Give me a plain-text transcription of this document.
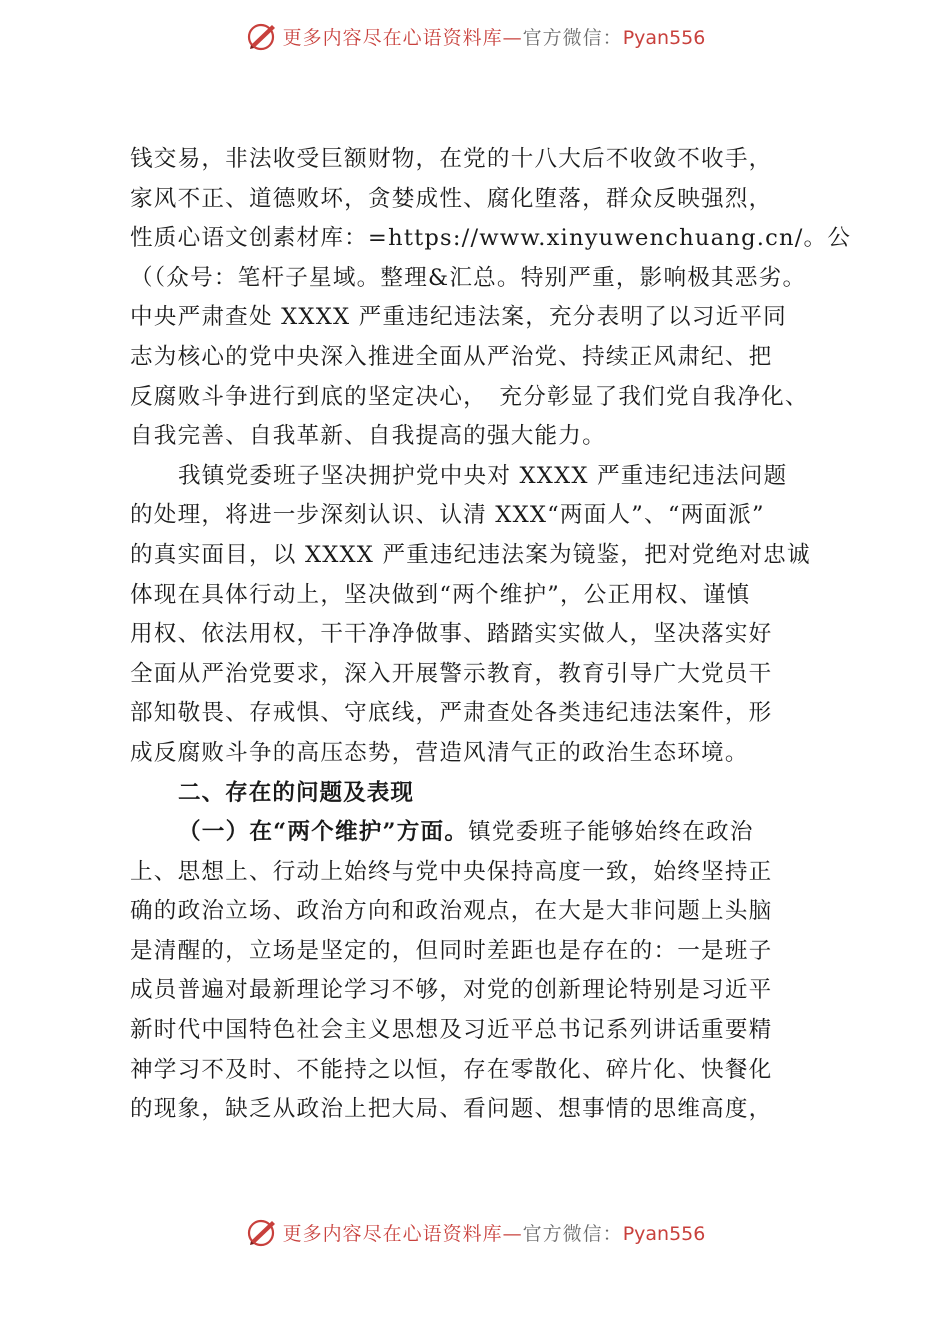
更多内容尽在心语资料库—官方微信：Pyan556
钱交易，非法收受巨额财物，在党的十八大后不收敛不收手，
家风不正、道德败坏，贪婪成性、腐化堕落，群众反映强烈，
性质心语文创素材库：=https://www.xinyuwenchuang.cn/。公
（（众号：笔杆子星域。整理&汇总。特别严重，影响极其恶劣。
中央严肃查处 XXXX 严重违纪违法案，充分表明了以习近平同
志为核心的党中央深入推进全面从严治党、持续正风肃纪、把
反腐败斗争进行到底的坚定决心，　充分彰显了我们党自我净化、
自我完善、自我革新、自我提高的强大能力。
我镇党委班子坚决拥护党中央对 XXXX 严重违纪违法问题
的处理，将进一步深刻认识、认清 XXX“两面人”、“两面派”
的真实面目，以 XXXX 严重违纪违法案为镜鉴，把对党绝对忠诚
体现在具体行动上，坚决做到“两个维护”，公正用权、谨慎
用权、依法用权，干干净净做事、踏踏实实做人，坚决落实好
全面从严治党要求，深入开展警示教育，教育引导广大党员干
部知敬畏、存戒惧、守底线，严肃查处各类违纪违法案件，形
成反腐败斗争的高压态势，营造风清气正的政治生态环境。
二、存在的问题及表现
（一）在“两个维护”方面。镇党委班子能够始终在政治
上、思想上、行动上始终与党中央保持高度一致，始终坚持正
确的政治立场、政治方向和政治观点，在大是大非问题上头脑
是清醒的，立场是坚定的，但同时差距也是存在的：一是班子
成员普遍对最新理论学习不够，对党的创新理论特别是习近平
新时代中国特色社会主义思想及习近平总书记系列讲话重要精
神学习不及时、不能持之以恒，存在零散化、碎片化、快餐化
的现象，缺乏从政治上把大局、看问题、想事情的思维高度，
更多内容尽在心语资料库—官方微信：Pyan556
